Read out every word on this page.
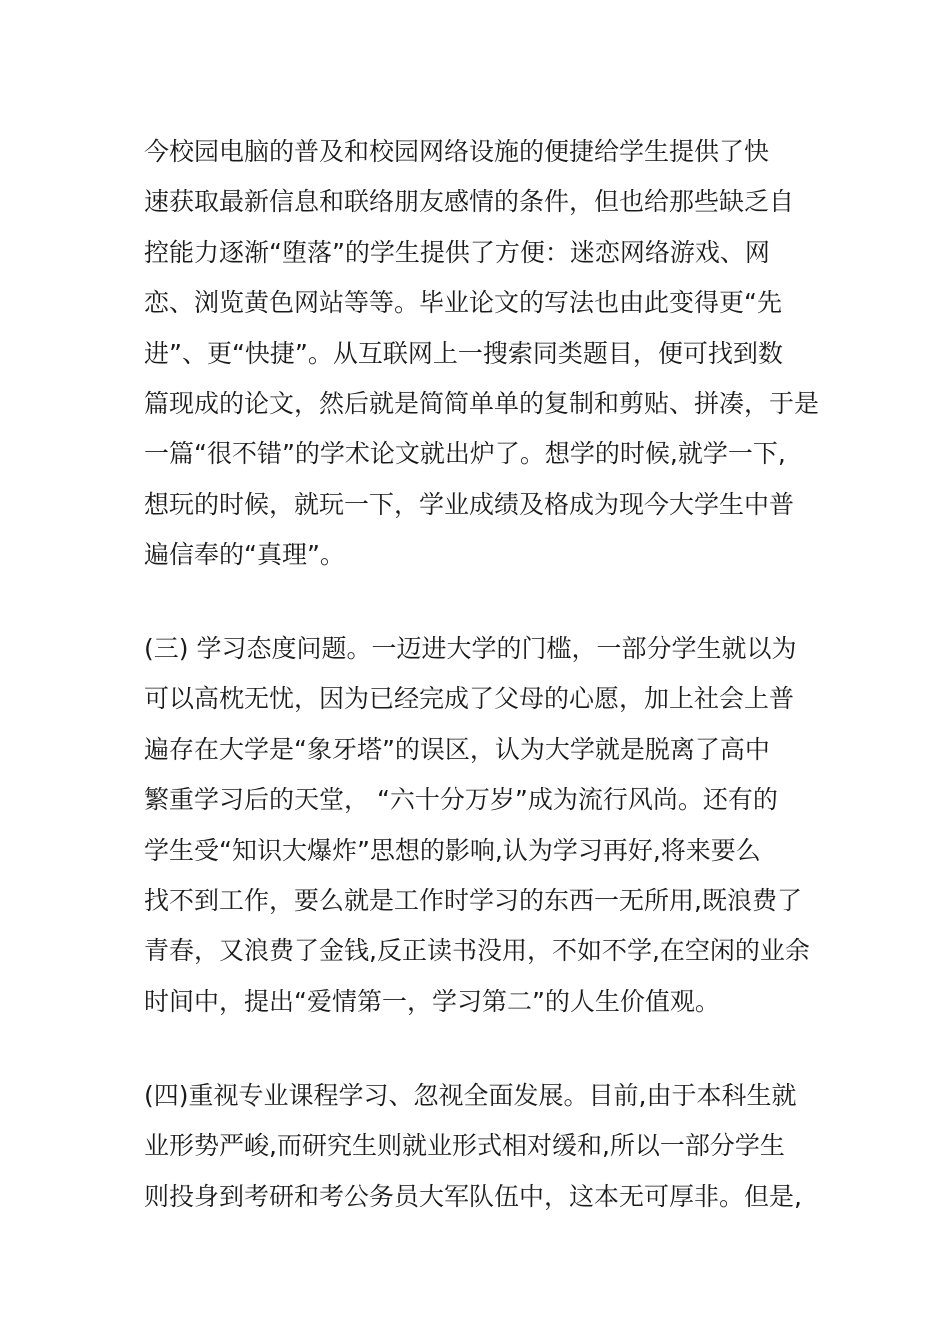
今校园电脑的普及和校园网络设施的便捷给学生提供了快
速获取最新信息和联络朋友感情的条件，但也给那些缺乏自
控能力逐渐“堕落”的学生提供了方便：迷恋网络游戏、网
恋、浏览黄色网站等等。毕业论文的写法也由此变得更“先
进”、更“快捷”。从互联网上一搜索同类题目，便可找到数
篇现成的论文，然后就是简简单单的复制和剪贴、拼凑，于是
一篇“很不错”的学术论文就出炉了。想学的时候,就学一下,
想玩的时候，就玩一下，学业成绩及格成为现今大学生中普
遍信奉的“真理”。

(三) 学习态度问题。一迈进大学的门槛，一部分学生就以为
可以高枕无忧，因为已经完成了父母的心愿，加上社会上普
遍存在大学是“象牙塔”的误区，认为大学就是脱离了高中
繁重学习后的天堂， “六十分万岁”成为流行风尚。还有的
学生受“知识大爆炸”思想的影响,认为学习再好,将来要么
找不到工作，要么就是工作时学习的东西一无所用,既浪费了
青春，又浪费了金钱,反正读书没用，不如不学,在空闲的业余
时间中，提出“爱情第一，学习第二”的人生价值观。

(四)重视专业课程学习、忽视全面发展。目前,由于本科生就
业形势严峻,而研究生则就业形式相对缓和,所以一部分学生
则投身到考研和考公务员大军队伍中，这本无可厚非。但是,
